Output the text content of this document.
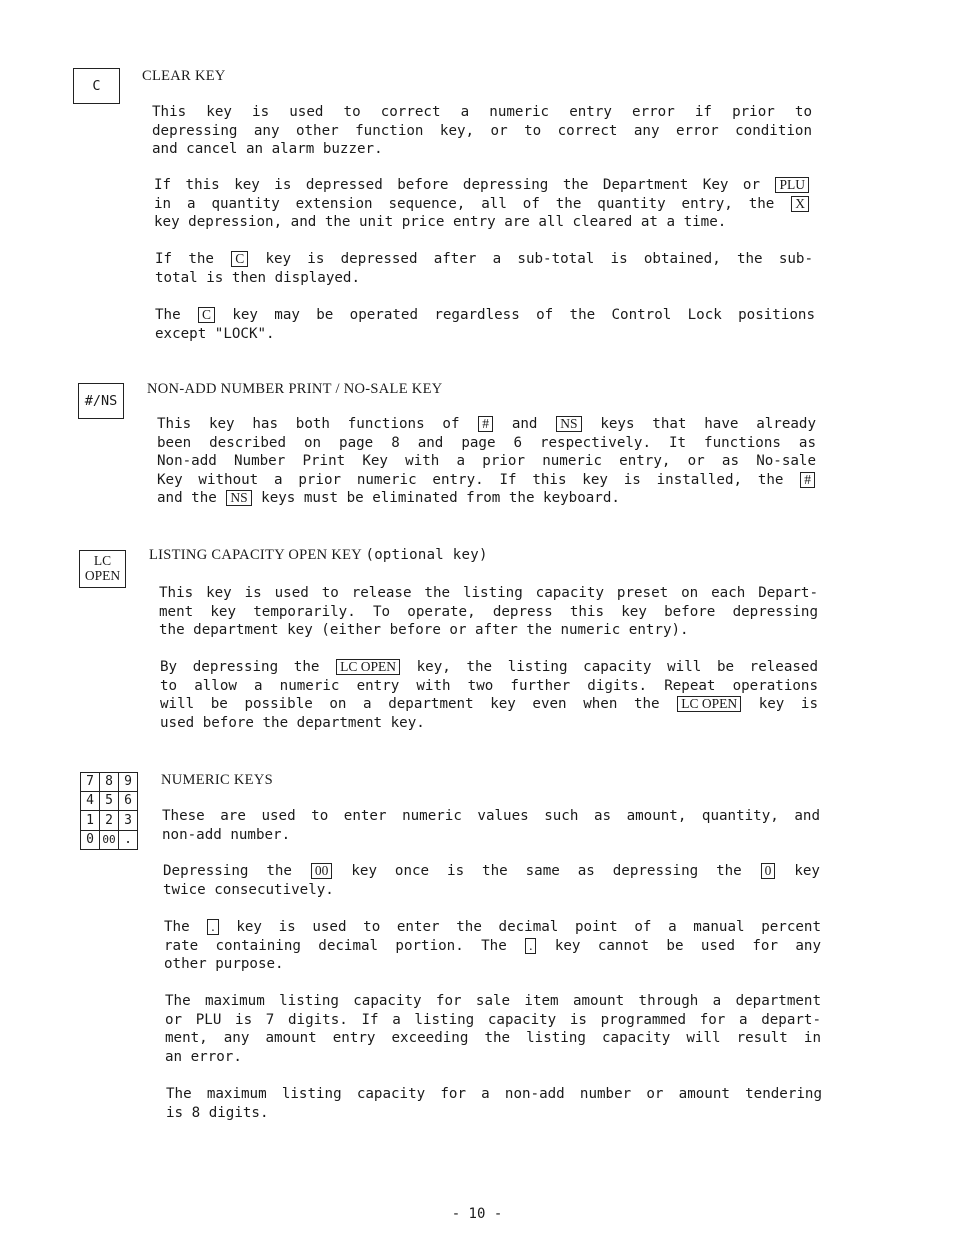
C
CLEAR KEY
This key is used to correct a numeric entry error if prior to
depressing any other function key, or to correct any error condition
and cancel an alarm buzzer.
If this key is depressed before depressing the Department Key or PLU
in a quantity extension sequence, all of the quantity entry, the X
key depression, and the unit price entry are all cleared at a time.
If the C key is depressed after a sub-total is obtained, the sub-
total is then displayed.
The C key may be operated regardless of the Control Lock positions
except "LOCK".
#/NS
NON-ADD NUMBER PRINT / NO-SALE KEY
This key has both functions of # and NS keys that have already
been described on page 8 and page 6 respectively. It functions as
Non-add Number Print Key with a prior numeric entry, or as No-sale
Key without a prior numeric entry. If this key is installed, the #
and the NS keys must be eliminated from the keyboard.
LC
OPEN
LISTING CAPACITY OPEN KEY (optional key)
This key is used to release the listing capacity preset on each Depart-
ment key temporarily. To operate, depress this key before depressing
the department key (either before or after the numeric entry).
By depressing the LC OPEN key, the listing capacity will be released
to allow a numeric entry with two further digits. Repeat operations
will be possible on a department key even when the LC OPEN key is
used before the department key.
7 8 9
4 5 6
1 2 3
0 00 .
NUMERIC KEYS
These are used to enter numeric values such as amount, quantity, and
non-add number.
Depressing the 00 key once is the same as depressing the 0 key
twice consecutively.
The . key is used to enter the decimal point of a manual percent
rate containing decimal portion. The . key cannot be used for any
other purpose.
The maximum listing capacity for sale item amount through a department
or PLU is 7 digits. If a listing capacity is programmed for a depart-
ment, any amount entry exceeding the listing capacity will result in
an error.
The maximum listing capacity for a non-add number or amount tendering
is 8 digits.
- 10 -
